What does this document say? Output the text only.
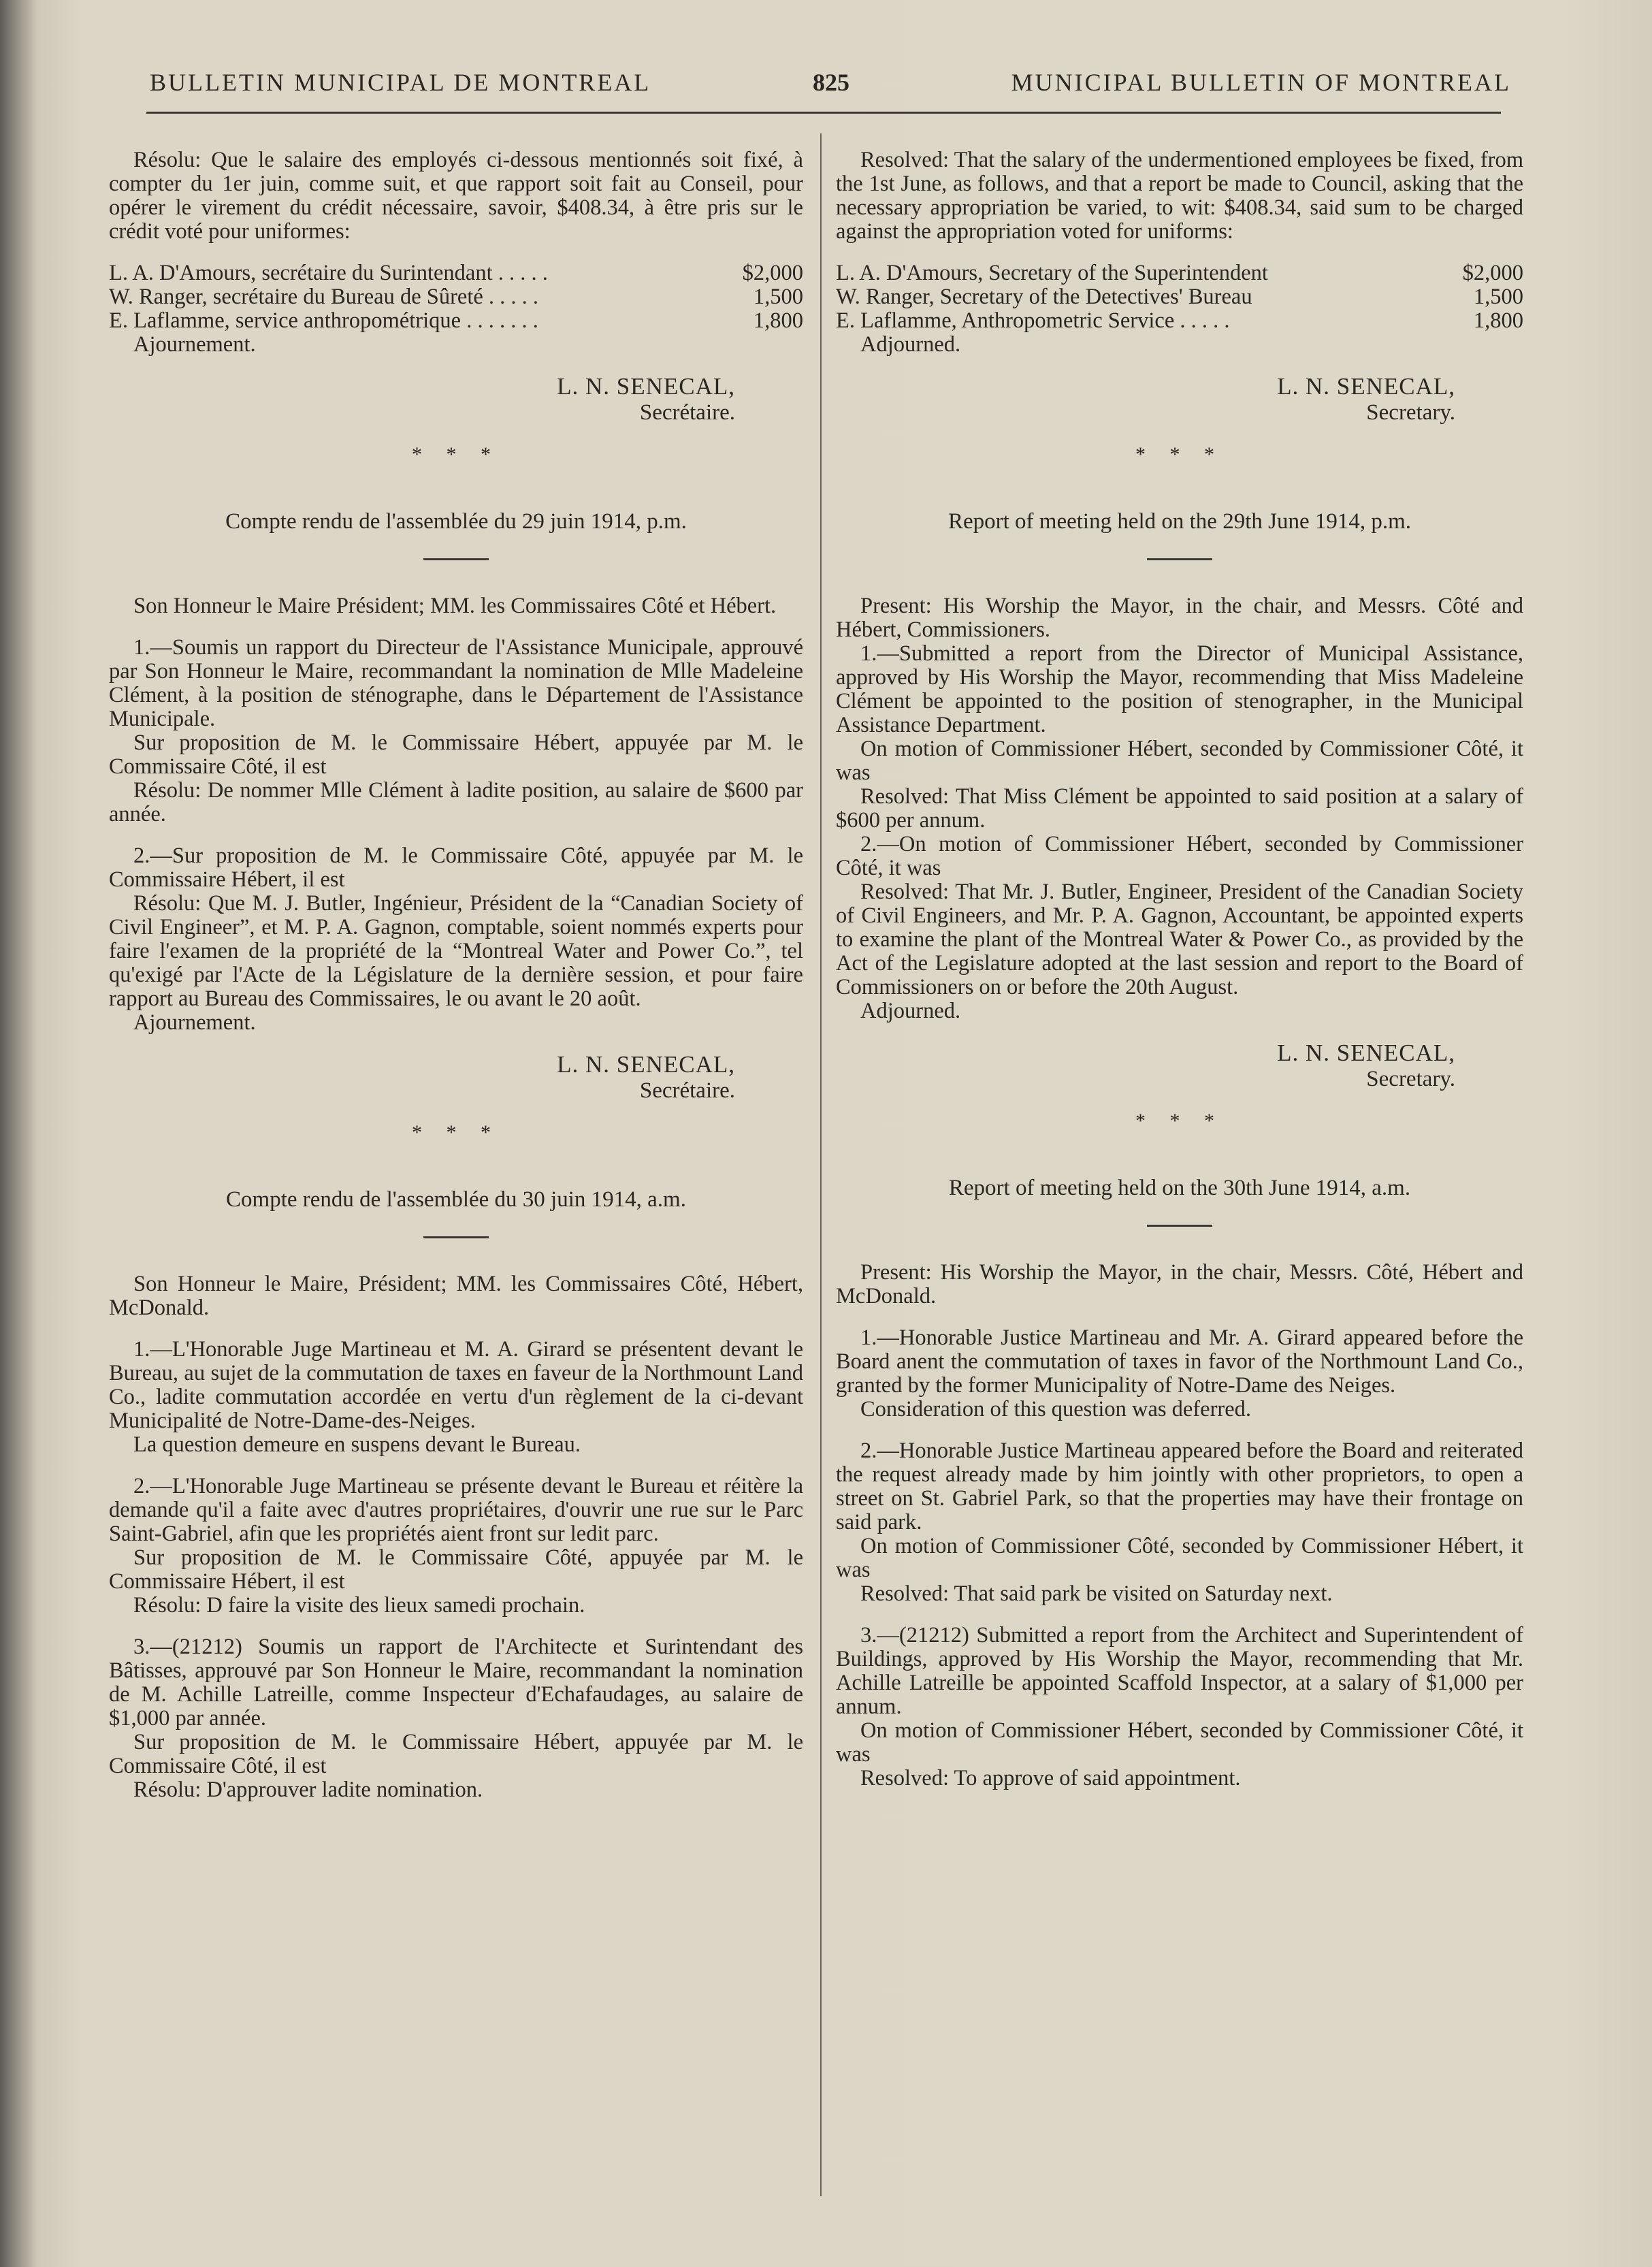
BULLETIN MUNICIPAL DE MONTREAL	825	MUNICIPAL BULLETIN OF MONTREAL

Résolu: Que le salaire des employés ci-dessous mentionnés soit fixé, à compter du 1er juin, comme suit, et que rapport soit fait au Conseil, pour opérer le virement du crédit nécessaire, savoir, $408.34, à être pris sur le crédit voté pour uniformes:

L. A. D'Amours, secrétaire du Surintendant . . . . .	$2,000
W. Ranger, secrétaire du Bureau de Sûreté . . . . .	1,500
E. Laflamme, service anthropométrique . . . . . . .	1,800

Ajournement.

L. N. SENECAL,
Secrétaire.
* * *
Compte rendu de l'assemblée du 29 juin 1914, p.m.

Son Honneur le Maire Président; MM. les Commissaires Côté et Hébert.

1.—Soumis un rapport du Directeur de l'Assistance Municipale, approuvé par Son Honneur le Maire, recommandant la nomination de Mlle Madeleine Clément, à la position de sténographe, dans le Département de l'Assistance Municipale.

Sur proposition de M. le Commissaire Hébert, appuyée par M. le Commissaire Côté, il est

Résolu: De nommer Mlle Clément à ladite position, au salaire de $600 par année.

2.—Sur proposition de M. le Commissaire Côté, appuyée par M. le Commissaire Hébert, il est

Résolu: Que M. J. Butler, Ingénieur, Président de la “Canadian Society of Civil Engineer”, et M. P. A. Gagnon, comptable, soient nommés experts pour faire l'examen de la propriété de la “Montreal Water and Power Co.”, tel qu'exigé par l'Acte de la Législature de la dernière session, et pour faire rapport au Bureau des Commissaires, le ou avant le 20 août.

Ajournement.

L. N. SENECAL,
Secrétaire.
* * *
Compte rendu de l'assemblée du 30 juin 1914, a.m.

Son Honneur le Maire, Président; MM. les Commissaires Côté, Hébert, McDonald.

1.—L'Honorable Juge Martineau et M. A. Girard se présentent devant le Bureau, au sujet de la commutation de taxes en faveur de la Northmount Land Co., ladite commutation accordée en vertu d'un règlement de la ci-devant Municipalité de Notre-Dame-des-Neiges.

La question demeure en suspens devant le Bureau.

2.—L'Honorable Juge Martineau se présente devant le Bureau et réitère la demande qu'il a faite avec d'autres propriétaires, d'ouvrir une rue sur le Parc Saint-Gabriel, afin que les propriétés aient front sur ledit parc.

Sur proposition de M. le Commissaire Côté, appuyée par M. le Commissaire Hébert, il est

Résolu: D faire la visite des lieux samedi prochain.

3.—(21212) Soumis un rapport de l'Architecte et Surintendant des Bâtisses, approuvé par Son Honneur le Maire, recommandant la nomination de M. Achille Latreille, comme Inspecteur d'Echafaudages, au salaire de $1,000 par année.

Sur proposition de M. le Commissaire Hébert, appuyée par M. le Commissaire Côté, il est

Résolu: D'approuver ladite nomination.

Resolved: That the salary of the undermentioned employees be fixed, from the 1st June, as follows, and that a report be made to Council, asking that the necessary appropriation be varied, to wit: $408.34, said sum to be charged against the appropriation voted for uniforms:

L. A. D'Amours, Secretary of the Superintendent	$2,000
W. Ranger, Secretary of the Detectives' Bureau	1,500
E. Laflamme, Anthropometric Service . . . . .	1,800

Adjourned.

L. N. SENECAL,
Secretary.
* * *
Report of meeting held on the 29th June 1914, p.m.

Present: His Worship the Mayor, in the chair, and Messrs. Côté and Hébert, Commissioners.

1.—Submitted a report from the Director of Municipal Assistance, approved by His Worship the Mayor, recommending that Miss Madeleine Clément be appointed to the position of stenographer, in the Municipal Assistance Department.

On motion of Commissioner Hébert, seconded by Commissioner Côté, it was

Resolved: That Miss Clément be appointed to said position at a salary of $600 per annum.

2.—On motion of Commissioner Hébert, seconded by Commissioner Côté, it was

Resolved: That Mr. J. Butler, Engineer, President of the Canadian Society of Civil Engineers, and Mr. P. A. Gagnon, Accountant, be appointed experts to examine the plant of the Montreal Water & Power Co., as provided by the Act of the Legislature adopted at the last session and report to the Board of Commissioners on or before the 20th August.

Adjourned.

L. N. SENECAL,
Secretary.
* * *
Report of meeting held on the 30th June 1914, a.m.

Present: His Worship the Mayor, in the chair, Messrs. Côté, Hébert and McDonald.

1.—Honorable Justice Martineau and Mr. A. Girard appeared before the Board anent the commutation of taxes in favor of the Northmount Land Co., granted by the former Municipality of Notre-Dame des Neiges.

Consideration of this question was deferred.

2.—Honorable Justice Martineau appeared before the Board and reiterated the request already made by him jointly with other proprietors, to open a street on St. Gabriel Park, so that the properties may have their frontage on said park.

On motion of Commissioner Côté, seconded by Commissioner Hébert, it was

Resolved: That said park be visited on Saturday next.

3.—(21212) Submitted a report from the Architect and Superintendent of Buildings, approved by His Worship the Mayor, recommending that Mr. Achille Latreille be appointed Scaffold Inspector, at a salary of $1,000 per annum.

On motion of Commissioner Hébert, seconded by Commissioner Côté, it was

Resolved: To approve of said appointment.
